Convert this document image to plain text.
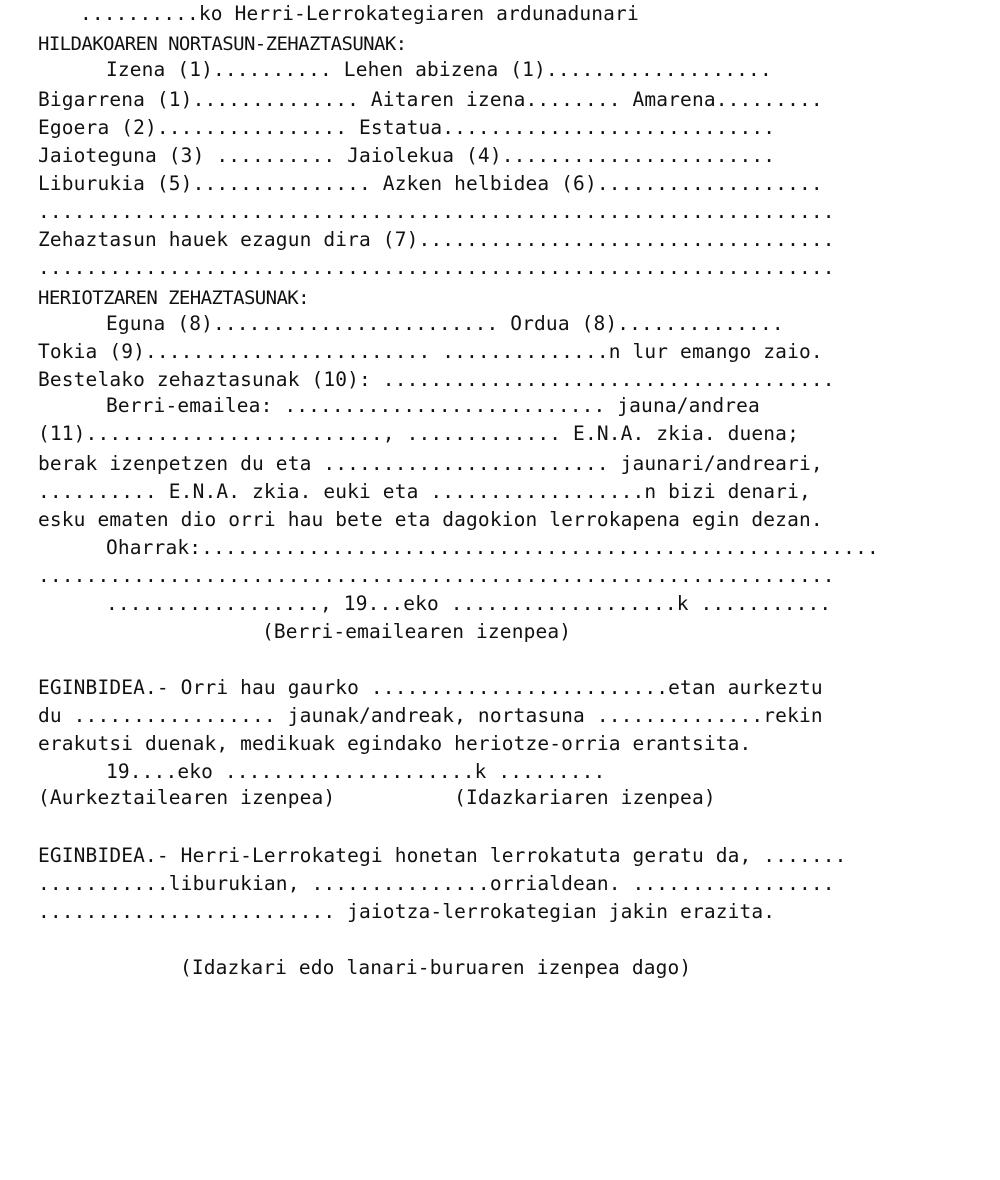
..........ko Herri-Lerrokategiaren ardunadunari
HILDAKOAREN NORTASUN-ZEHAZTASUNAK:
Izena (1).......... Lehen abizena (1)...................
Bigarrena (1).............. Aitaren izena........ Amarena.........
Egoera (2)................ Estatua............................
Jaioteguna (3) .......... Jaiolekua (4).......................
Liburukia (5)............... Azken helbidea (6)...................
...................................................................
Zehaztasun hauek ezagun dira (7)...................................
...................................................................
HERIOTZAREN ZEHAZTASUNAK:
Eguna (8)........................ Ordua (8)..............
Tokia (9)........................ ..............n lur emango zaio.
Bestelako zehaztasunak (10): ......................................
Berri-emailea: ........................... jauna/andrea
(11)........................., ............. E.N.A. zkia. duena;
berak izenpetzen du eta ........................ jaunari/andreari,
.......... E.N.A. zkia. euki eta ..................n bizi denari,
esku ematen dio orri hau bete eta dagokion lerrokapena egin dezan.
Oharrak:.........................................................
...................................................................
.................., 19...eko ...................k ...........
(Berri-emailearen izenpea)
EGINBIDEA.- Orri hau gaurko .........................etan aurkeztu
du ................. jaunak/andreak, nortasuna ..............rekin
erakutsi duenak, medikuak egindako heriotze-orria erantsita.
19....eko .....................k .........
(Aurkeztailearen izenpea)          (Idazkariaren izenpea)
EGINBIDEA.- Herri-Lerrokategi honetan lerrokatuta geratu da, .......
...........liburukian, ...............orrialdean. .................
......................... jaiotza-lerrokategian jakin erazita.
(Idazkari edo lanari-buruaren izenpea dago)
